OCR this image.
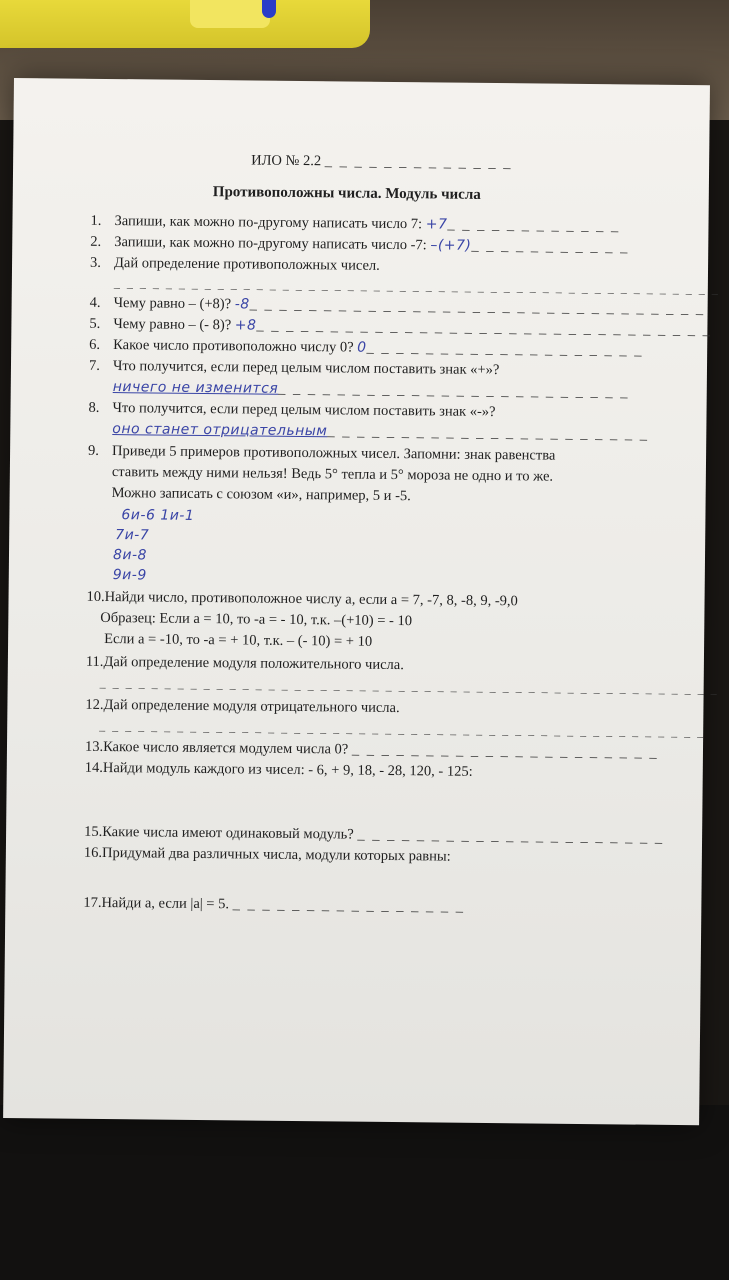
ИЛО № 2.2 _ _ _ _ _ _ _ _ _ _ _ _ _
Противоположны числа. Модуль числа
1. Запиши, как можно по-другому написать число 7: +7_ _ _ _ _ _ _ _ _ _ _ _
2. Запиши, как можно по-другому написать число -7: –(+7)_ _ _ _ _ _ _ _ _ _ _
3. Дай определение противоположных чисел.
_ _ _ _ _ _ _ _ _ _ _ _ _ _ _ _ _ _ _ _ _ _ _ _ _ _ _ _ _ _ _ _ _ _ _ _ _ _ _ _ _ _ _ _ _ _ _
4. Чему равно – (+8)? -8_ _ _ _ _ _ _ _ _ _ _ _ _ _ _ _ _ _ _ _ _ _ _ _ _ _ _ _ _ _ _
5. Чему равно – (- 8)? +8_ _ _ _ _ _ _ _ _ _ _ _ _ _ _ _ _ _ _ _ _ _ _ _ _ _ _ _ _ _ _
6. Какое число противоположно числу 0? 0_ _ _ _ _ _ _ _ _ _ _ _ _ _ _ _ _ _ _
7. Что получится, если перед целым числом поставить знак «+»?
ничего не изменится_ _ _ _ _ _ _ _ _ _ _ _ _ _ _ _ _ _ _ _ _ _ _ _
8. Что получится, если перед целым числом поставить знак «-»?
оно станет отрицательным_ _ _ _ _ _ _ _ _ _ _ _ _ _ _ _ _ _ _ _ _ _
9. Приведи 5 примеров противоположных чисел. Запомни: знак равенства
ставить между ними нельзя! Ведь 5° тепла и 5° мороза не одно и то же.
Можно записать с союзом «и», например, 5 и -5.
6и-6 1и-1
7и-7
8и-8
9и-9
10.Найди число, противоположное числу a, если a = 7, -7, 8, -8, 9, -9,0
Образец: Если a = 10, то -a = - 10, т.к. –(+10) = - 10
Если a = -10, то -a = + 10, т.к. – (- 10) = + 10
11.Дай определение модуля положительного числа.
_ _ _ _ _ _ _ _ _ _ _ _ _ _ _ _ _ _ _ _ _ _ _ _ _ _ _ _ _ _ _ _ _ _ _ _ _ _ _ _ _ _ _ _ _ _ _ _
12.Дай определение модуля отрицательного числа.
_ _ _ _ _ _ _ _ _ _ _ _ _ _ _ _ _ _ _ _ _ _ _ _ _ _ _ _ _ _ _ _ _ _ _ _ _ _ _ _ _ _ _ _ _ _ _
13.Какое число является модулем числа 0? _ _ _ _ _ _ _ _ _ _ _ _ _ _ _ _ _ _ _ _ _
14.Найди модуль каждого из чисел: - 6, + 9, 18, - 28, 120, - 125:
15.Какие числа имеют одинаковый модуль? _ _ _ _ _ _ _ _ _ _ _ _ _ _ _ _ _ _ _ _ _
16.Придумай два различных числа, модули которых равны:
17.Найди a, если |a| = 5. _ _ _ _ _ _ _ _ _ _ _ _ _ _ _ _
